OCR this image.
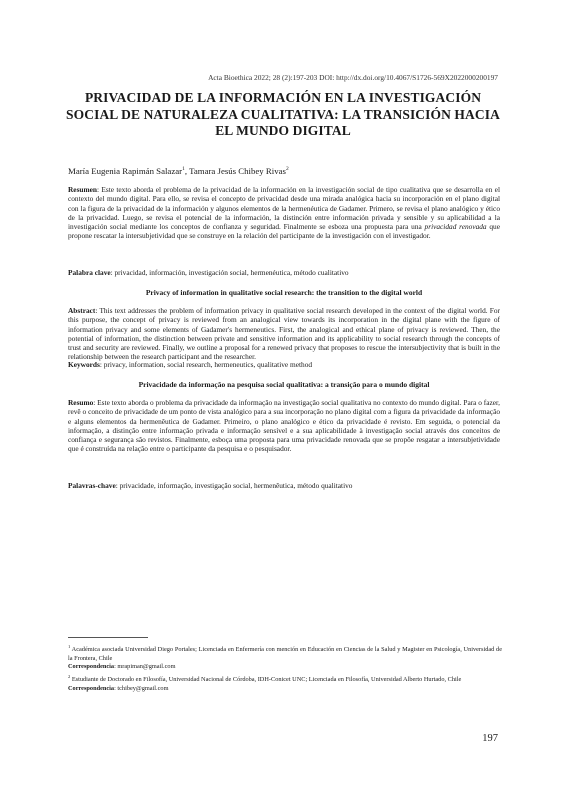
Acta Bioethica 2022; 28 (2):197-203 DOI: http://dx.doi.org/10.4067/S1726-569X2022000200197
PRIVACIDAD DE LA INFORMACIÓN EN LA INVESTIGACIÓN SOCIAL DE NATURALEZA CUALITATIVA: LA TRANSICIÓN HACIA EL MUNDO DIGITAL
María Eugenia Rapimán Salazar$^1$, Tamara Jesús Chibey Rivas$^2$
Resumen: Este texto aborda el problema de la privacidad de la información en la investigación social de tipo cualitativa que se desarrolla en el contexto del mundo digital. Para ello, se revisa el concepto de privacidad desde una mirada analógica hacia su incorporación en el plano digital con la figura de la privacidad de la información y algunos elementos de la hermenéutica de Gadamer. Primero, se revisa el plano analógico y ético de la privacidad. Luego, se revisa el potencial de la información, la distinción entre información privada y sensible y su aplicabilidad a la investigación social mediante los conceptos de confianza y seguridad. Finalmente se esboza una propuesta para una privacidad renovada que propone rescatar la intersubjetividad que se construye en la relación del participante de la investigación con el investigador.
Palabra clave: privacidad, información, investigación social, hermenéutica, método cualitativo
Privacy of information in qualitative social research: the transition to the digital world
Abstract: This text addresses the problem of information privacy in qualitative social research developed in the context of the digital world. For this purpose, the concept of privacy is reviewed from an analogical view towards its incorporation in the digital plane with the figure of information privacy and some elements of Gadamer's hermeneutics. First, the analogical and ethical plane of privacy is reviewed. Then, the potential of information, the distinction between private and sensitive information and its applicability to social research through the concepts of trust and security are reviewed. Finally, we outline a proposal for a renewed privacy that proposes to rescue the intersubjectivity that is built in the relationship between the research participant and the researcher.
Keywords: privacy, information, social research, hermeneutics, qualitative method
Privacidade da informação na pesquisa social qualitativa: a transição para o mundo digital
Resumo: Este texto aborda o problema da privacidade da informação na investigação social qualitativa no contexto do mundo digital. Para o fazer, revê o conceito de privacidade de um ponto de vista analógico para a sua incorporação no plano digital com a figura da privacidade da informação e alguns elementos da hermenêutica de Gadamer. Primeiro, o plano analógico e ético da privacidade é revisto. Em seguida, o potencial da informação, a distinção entre informação privada e informação sensível e a sua aplicabilidade à investigação social através dos conceitos de confiança e segurança são revistos. Finalmente, esboça uma proposta para uma privacidade renovada que se propõe resgatar a intersubjetividade que é construída na relação entre o participante da pesquisa e o pesquisador.
Palavras-chave: privacidade, informação, investigação social, hermenêutica, método qualitativo
$^1$ Académica asociada Universidad Diego Portales; Licenciada en Enfermería con mención en Educación en Ciencias de la Salud y Magister en Psicología, Universidad de la Frontera, Chile
Correspondencia: mrapiman@gmail.com
$^2$ Estudiante de Doctorado en Filosofía, Universidad Nacional de Córdoba, IDH-Conicet UNC; Licenciada en Filosofía, Universidad Alberto Hurtado, Chile
Correspondencia: tchibey@gmail.com
197
